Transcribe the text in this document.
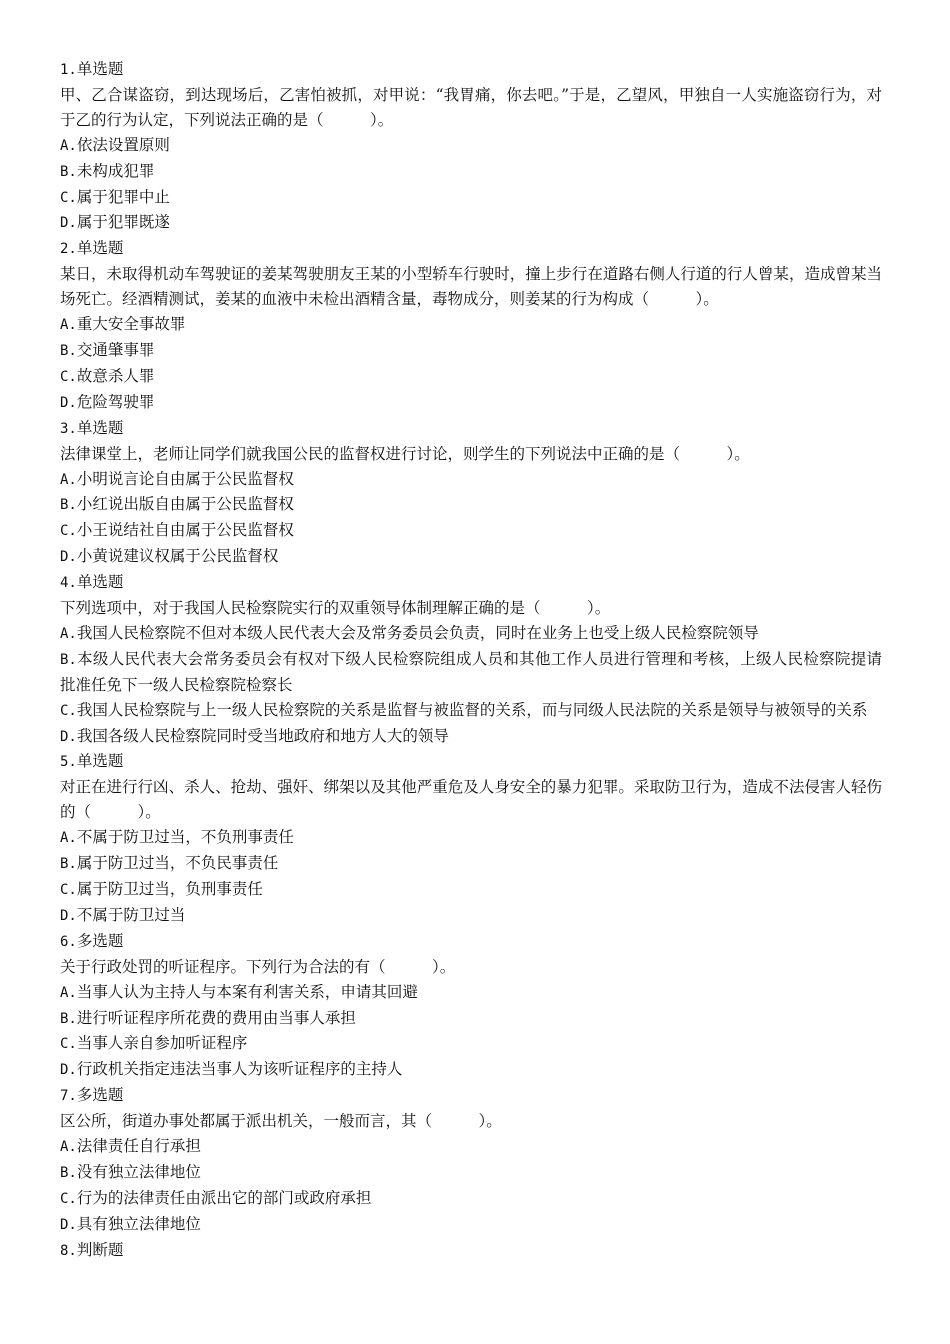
1.单选题

甲、乙合谋盗窃，到达现场后，乙害怕被抓，对甲说：“我胃痛，你去吧。”于是，乙望风，甲独自一人实施盗窃行为，对于乙的行为认定，下列说法正确的是（　　　）。

A.依法设置原则

B.未构成犯罪

C.属于犯罪中止

D.属于犯罪既遂

2.单选题

某日，未取得机动车驾驶证的姜某驾驶朋友王某的小型轿车行驶时，撞上步行在道路右侧人行道的行人曾某，造成曾某当场死亡。经酒精测试，姜某的血液中未检出酒精含量，毒物成分，则姜某的行为构成（　　　）。

A.重大安全事故罪

B.交通肇事罪

C.故意杀人罪

D.危险驾驶罪

3.单选题

法律课堂上，老师让同学们就我国公民的监督权进行讨论，则学生的下列说法中正确的是（　　　）。

A.小明说言论自由属于公民监督权

B.小红说出版自由属于公民监督权

C.小王说结社自由属于公民监督权

D.小黄说建议权属于公民监督权

4.单选题

下列选项中，对于我国人民检察院实行的双重领导体制理解正确的是（　　　）。

A.我国人民检察院不但对本级人民代表大会及常务委员会负责，同时在业务上也受上级人民检察院领导

B.本级人民代表大会常务委员会有权对下级人民检察院组成人员和其他工作人员进行管理和考核，上级人民检察院提请批准任免下一级人民检察院检察长

C.我国人民检察院与上一级人民检察院的关系是监督与被监督的关系，而与同级人民法院的关系是领导与被领导的关系

D.我国各级人民检察院同时受当地政府和地方人大的领导

5.单选题

对正在进行行凶、杀人、抢劫、强奸、绑架以及其他严重危及人身安全的暴力犯罪。采取防卫行为，造成不法侵害人轻伤的（　　　）。

A.不属于防卫过当，不负刑事责任

B.属于防卫过当，不负民事责任

C.属于防卫过当，负刑事责任

D.不属于防卫过当

6.多选题

关于行政处罚的听证程序。下列行为合法的有（　　　）。

A.当事人认为主持人与本案有利害关系，申请其回避

B.进行听证程序所花费的费用由当事人承担

C.当事人亲自参加听证程序

D.行政机关指定违法当事人为该听证程序的主持人

7.多选题

区公所，街道办事处都属于派出机关，一般而言，其（　　　）。

A.法律责任自行承担

B.没有独立法律地位

C.行为的法律责任由派出它的部门或政府承担

D.具有独立法律地位

8.判断题
